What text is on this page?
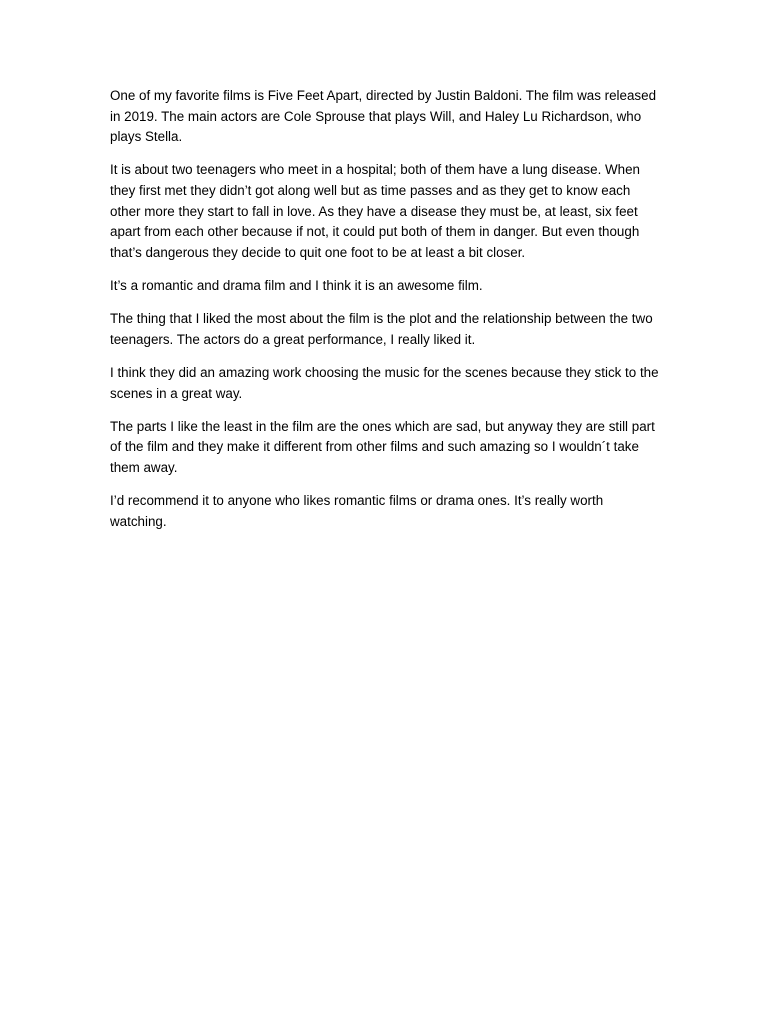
One of my favorite films is Five Feet Apart, directed by Justin Baldoni. The film was released in 2019. The main actors are Cole Sprouse that plays Will, and Haley Lu Richardson, who plays Stella.

It is about two teenagers who meet in a hospital; both of them have a lung disease. When they first met they didn’t got along well but as time passes and as they get to know each other more they start to fall in love. As they have a disease they must be, at least, six feet apart from each other because if not, it could put both of them in danger. But even though that’s dangerous they decide to quit one foot to be at least a bit closer.

It’s a romantic and drama film and I think it is an awesome film.

The thing that I liked the most about the film is the plot and the relationship between the two teenagers. The actors do a great performance, I really liked it.

I think they did an amazing work choosing the music for the scenes because they stick to the scenes in a great way.

The parts I like the least in the film are the ones which are sad, but anyway they are still part of the film and they make it different from other films and such amazing so I wouldn´t take them away.

I’d recommend it to anyone who likes romantic films or drama ones. It’s really worth watching.
